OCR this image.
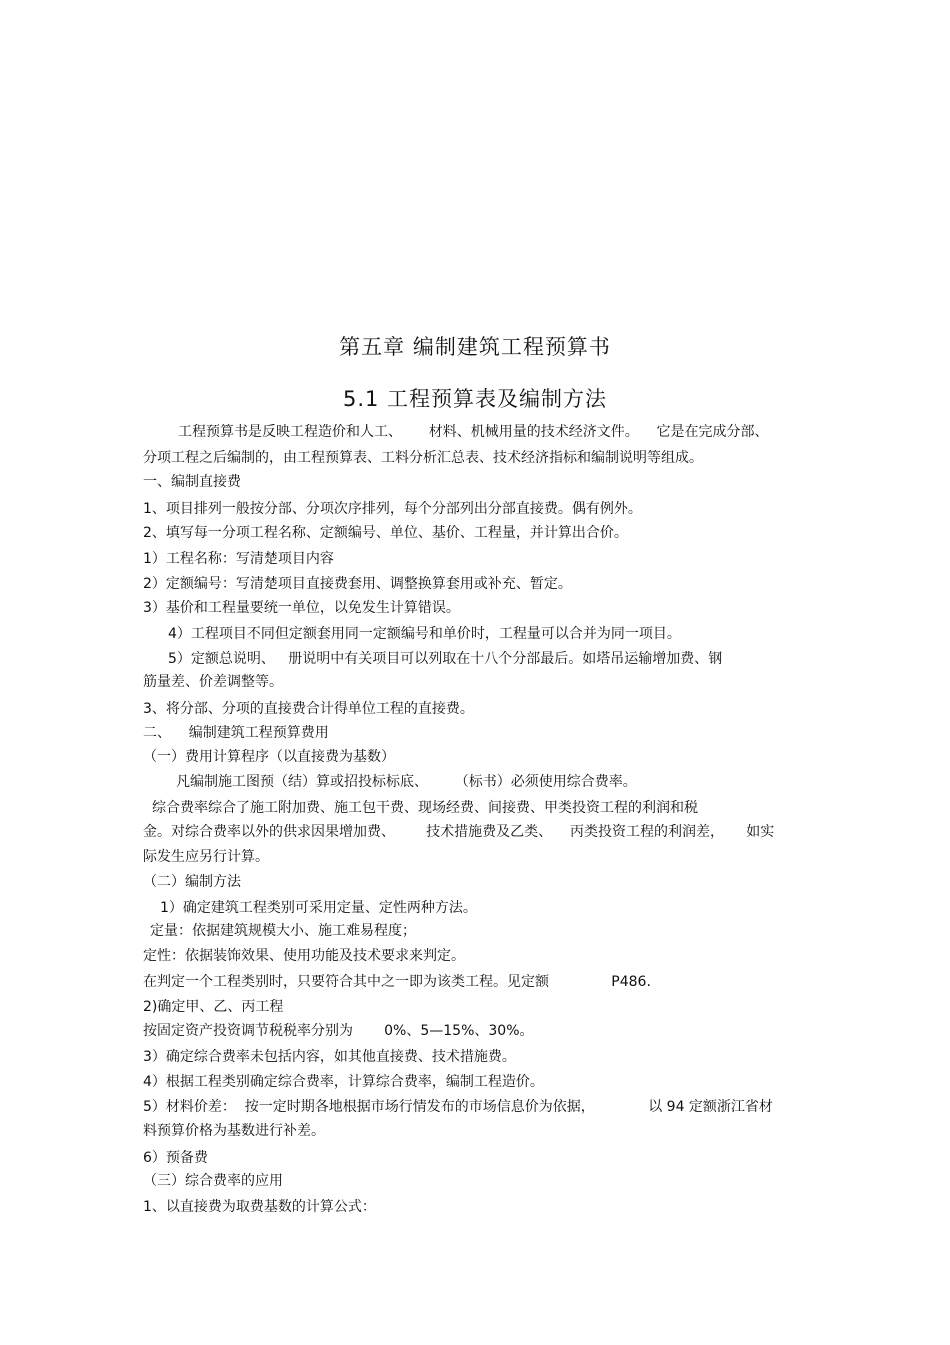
第五章 编制建筑工程预算书
5.1 工程预算表及编制方法
工程预算书是反映工程造价和人工、      材料、机械用量的技术经济文件。    它是在完成分部、
分项工程之后编制的，由工程预算表、工料分析汇总表、技术经济指标和编制说明等组成。
一、编制直接费
1、项目排列一般按分部、分项次序排列，每个分部列出分部直接费。偶有例外。
2、填写每一分项工程名称、定额编号、单位、基价、工程量，并计算出合价。
1）工程名称：写清楚项目内容
2）定额编号：写清楚项目直接费套用、调整换算套用或补充、暂定。
3）基价和工程量要统一单位，以免发生计算错误。
4）工程项目不同但定额套用同一定额编号和单价时，工程量可以合并为同一项目。
5）定额总说明、   册说明中有关项目可以列取在十八个分部最后。如塔吊运输增加费、钢
筋量差、价差调整等。
3、将分部、分项的直接费合计得单位工程的直接费。
二、    编制建筑工程预算费用
（一）费用计算程序（以直接费为基数）
凡编制施工图预（结）算或招投标标底、      （标书）必须使用综合费率。
综合费率综合了施工附加费、施工包干费、现场经费、间接费、甲类投资工程的利润和税
金。对综合费率以外的供求因果增加费、       技术措施费及乙类、    丙类投资工程的利润差，     如实
际发生应另行计算。
（二）编制方法
1）确定建筑工程类别可采用定量、定性两种方法。
定量：依据建筑规模大小、施工难易程度；
定性：依据装饰效果、使用功能及技术要求来判定。
在判定一个工程类别时，只要符合其中之一即为该类工程。见定额              P486.
2)确定甲、乙、丙工程
按固定资产投资调节税税率分别为       0%、5—15%、30%。
3）确定综合费率未包括内容，如其他直接费、技术措施费。
4）根据工程类别确定综合费率，计算综合费率，编制工程造价。
5）材料价差：  按一定时期各地根据市场行情发布的市场信息价为依据，            以 94 定额浙江省材
料预算价格为基数进行补差。
6）预备费
（三）综合费率的应用
1、以直接费为取费基数的计算公式：
